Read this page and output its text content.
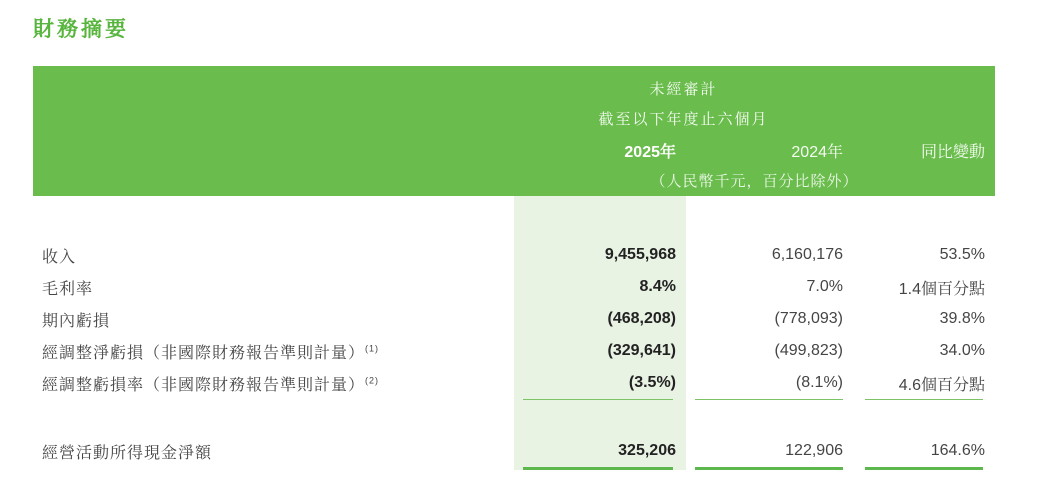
財務摘要
未經審計
截至以下年度止六個月
2025年	2024年	同比變動
（人民幣千元，百分比除外）
收入	9,455,968	6,160,176	53.5%
毛利率	8.4%	7.0%	1.4個百分點
期內虧損	(468,208)	(778,093)	39.8%
經調整淨虧損（非國際財務報告準則計量）$^{(1)}$	(329,641)	(499,823)	34.0%
經調整虧損率（非國際財務報告準則計量）$^{(2)}$	(3.5%)	(8.1%)	4.6個百分點
經營活動所得現金淨額	325,206	122,906	164.6%
